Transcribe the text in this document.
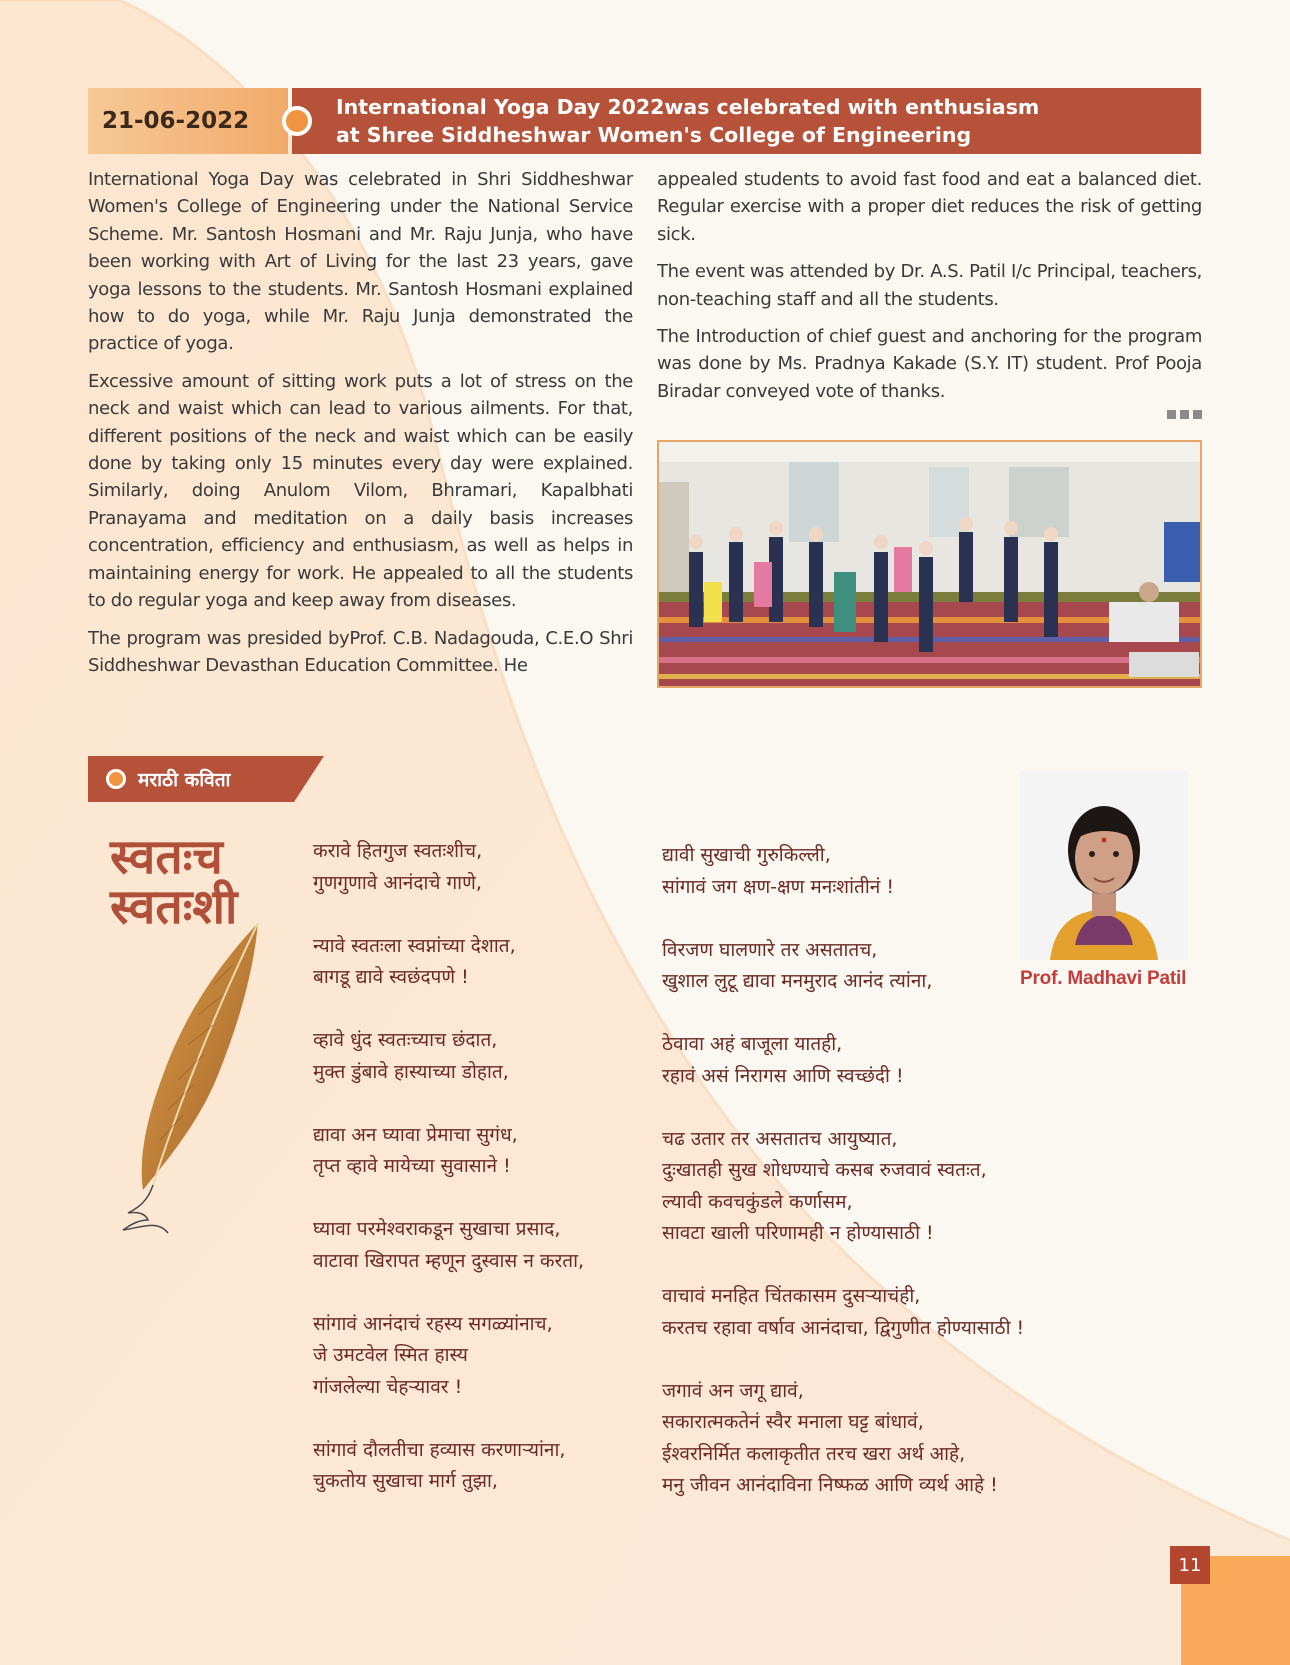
21-06-2022
International Yoga Day 2022was celebrated with enthusiasm
at Shree Siddheshwar Women's College of Engineering

International Yoga Day was celebrated in Shri Siddheshwar Women's College of Engineering under the National Service Scheme. Mr. Santosh Hosmani and Mr. Raju Junja, who have been working with Art of Living for the last 23 years, gave yoga lessons to the students. Mr. Santosh Hosmani explained how to do yoga, while Mr. Raju Junja demonstrated the practice of yoga.

Excessive amount of sitting work puts a lot of stress on the neck and waist which can lead to various ailments. For that, different positions of the neck and waist which can be easily done by taking only 15 minutes every day were explained. Similarly, doing Anulom Vilom, Bhramari, Kapalbhati Pranayama and meditation on a daily basis increases concentration, efficiency and enthusiasm, as well as helps in maintaining energy for work. He appealed to all the students to do regular yoga and keep away from diseases.

The program was presided byProf. C.B. Nadagouda, C.E.O Shri Siddheshwar Devasthan Education Committee. He

appealed students to avoid fast food and eat a balanced diet. Regular exercise with a proper diet reduces the risk of getting sick.

The event was attended by Dr. A.S. Patil I/c Principal, teachers, non-teaching staff and all the students.

The Introduction of chief guest and anchoring for the program was done by Ms. Pradnya Kakade (S.Y. IT) student. Prof Pooja Biradar conveyed vote of thanks.

मराठी कविता
स्वतःच
स्वतःशी
करावे हितगुज स्वतःशीच,
गुणगुणावे आनंदाचे गाणे,
न्यावे स्वतःला स्वप्नांच्या देशात,
बागडू द्यावे स्वछंदपणे !
व्हावे धुंद स्वतःच्याच छंदात,
मुक्त डुंबावे हास्याच्या डोहात,
द्यावा अन घ्यावा प्रेमाचा सुगंध,
तृप्त व्हावे मायेच्या सुवासाने !
घ्यावा परमेश्वराकडून सुखाचा प्रसाद,
वाटावा खिरापत म्हणून दुस्वास न करता,
सांगावं आनंदाचं रहस्य सगळ्यांनाच,
जे उमटवेल स्मित हास्य
गांजलेल्या चेहऱ्यावर !
सांगावं दौलतीचा हव्यास करणाऱ्यांना,
चुकतोय सुखाचा मार्ग तुझा,
द्यावी सुखाची गुरुकिल्ली,
सांगावं जग क्षण-क्षण मनःशांतीनं !
विरजण घालणारे तर असतातच,
खुशाल लुटू द्यावा मनमुराद आनंद त्यांना,
ठेवावा अहं बाजूला यातही,
रहावं असं निरागस आणि स्वच्छंदी !
चढ उतार तर असतातच आयुष्यात,
दुःखातही सुख शोधण्याचे कसब रुजवावं स्वतःत,
ल्यावी कवचकुंडले कर्णासम,
सावटा खाली परिणामही न होण्यासाठी !
वाचावं मनहित चिंतकासम दुसऱ्याचंही,
करतच रहावा वर्षाव आनंदाचा, द्विगुणीत होण्यासाठी !
जगावं अन जगू द्यावं,
सकारात्मकतेनं स्वैर मनाला घट्ट बांधावं,
ईश्वरनिर्मित कलाकृतीत तरच खरा अर्थ आहे,
मनु जीवन आनंदाविना निष्फळ आणि व्यर्थ आहे !
Prof. Madhavi Patil
11
